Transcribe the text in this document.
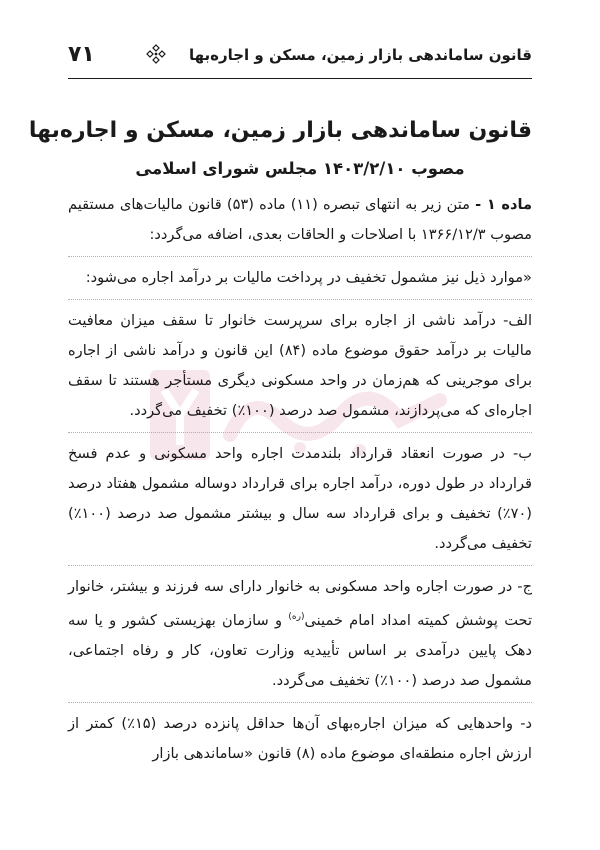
۷۱	قانون ساماندهی بازار زمین، مسکن و اجاره‌بها
قانون ساماندهی بازار زمین، مسکن و اجاره‌بها
مصوب ۱۴۰۳/۲/۱۰ مجلس شورای اسلامی

ماده ۱ - متن زیر به انتهای تبصره (۱۱) ماده (۵۳) قانون مالیات‌های مستقیم مصوب ۱۳۶۶/۱۲/۳ با اصلاحات و الحاقات بعدی، اضافه می‌گردد:

«موارد ذیل نیز مشمول تخفیف در پرداخت مالیات بر درآمد اجاره می‌شود:

الف- درآمد ناشی از اجاره برای سرپرست خانوار تا سقف میزان معافیت مالیات بر درآمد حقوق موضوع ماده (۸۴) این قانون و درآمد ناشی از اجاره برای موجرینی که هم‌زمان در واحد مسکونی دیگری مستأجر هستند تا سقف اجاره‌ای که می‌پردازند، مشمول صد درصد (۱۰۰٪) تخفیف می‌گردد.

ب- در صورت انعقاد قرارداد بلندمدت اجاره واحد مسکونی و عدم فسخ قرارداد در طول دوره، درآمد اجاره برای قرارداد دوساله مشمول هفتاد درصد (۷۰٪) تخفیف و برای قرارداد سه سال و بیشتر مشمول صد درصد (۱۰۰٪) تخفیف می‌گردد.

ج- در صورت اجاره واحد مسکونی به خانوار دارای سه فرزند و بیشتر، خانوار تحت پوشش کمیته امداد امام خمینی$^{(ره)}$ و سازمان بهزیستی کشور و یا سه دهک پایین درآمدی بر اساس تأییدیه وزارت تعاون، کار و رفاه اجتماعی، مشمول صد درصد (۱۰۰٪) تخفیف می‌گردد.

د- واحدهایی که میزان اجاره‌بهای آن‌ها حداقل پانزده درصد (۱۵٪) کمتر از ارزش اجاره منطقه‌ای موضوع ماده (۸) قانون «ساماندهی بازار
